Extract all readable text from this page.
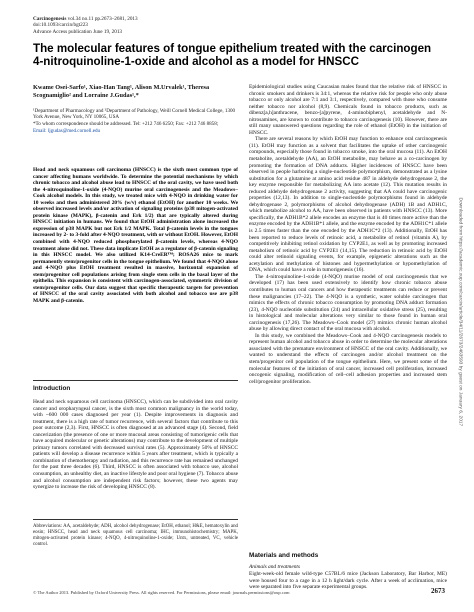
Carcinogenesis vol.34 no.11 pp.2673–2681, 2013
doi:10.1093/carcin/bgt223
Advance Access publication June 19, 2013
The molecular features of tongue epithelium treated with the carcinogen 4-nitroquinoline-1-oxide and alcohol as a model for HNSCC
Kwame Osei-Sarfo¹, Xiao-Han Tang¹, Alison M.Urvalek¹, Theresa Scognamiglio² and Lorraine J.Gudas¹,*
¹Department of Pharmacology and ²Department of Pathology, Weill Cornell Medical College, 1300 York Avenue, New York, NY 10065, USA
*To whom correspondence should be addressed. Tel: +212 746 6250; Fax: +212 746 8858;
Email: ljgudas@med.cornell.edu
Head and neck squamous cell carcinoma (HNSCC) is the sixth most common type of cancer affecting humans worldwide. To determine the potential mechanisms by which chronic tobacco and alcohol abuse lead to HNSCC of the oral cavity, we have used both the 4-nitroquinoline-1-oxide (4-NQO) murine oral carcinogenesis and the Meadows–Cook alcohol models. In this study, we treated mice with 4-NQO in drinking water for 10 weeks and then administered 20% (w/v) ethanol (EtOH) for another 10 weeks. We observed increased levels and/or activation of signaling proteins (p38 mitogen-activated protein kinase (MAPK), β-catenin and Erk 1/2) that are typically altered during HNSCC initiation in humans. We found that EtOH administration alone increased the expression of p38 MAPK but not Erk 1/2 MAPK. Total β-catenin levels in the tongues increased by 2- to 3-fold after 4-NQO treatment, with or without EtOH. However, EtOH combined with 4-NQO reduced phosphorylated β-catenin levels, whereas 4-NQO treatment alone did not. These data implicate EtOH as a regulator of β-catenin signaling in this HNSCC model. We also utilized K14-CreERᵀᴹ; ROSA26 mice to mark permanently stem/progenitor cells in the tongue epithelium. We found that 4-NQO alone and 4-NQO plus EtOH treatment resulted in massive, horizontal expansion of stem/progenitor cell populations arising from single stem cells in the basal layer of the epithelia. This expansion is consistent with carcinogen-associated, symmetric division of stem/progenitor cells. Our data suggest that specific therapeutic targets for prevention of HNSCC of the oral cavity associated with both alcohol and tobacco use are p38 MAPK and β-catenin.
Introduction
Head and neck squamous cell carcinoma (HNSCC), which can be subdivided into oral cavity cancer and oropharyngeal cancer, is the sixth most common malignancy in the world today, with ~600 000 cases diagnosed per year (1). Despite improvements in diagnosis and treatment, there is a high rate of tumor recurrence, with several factors that contribute to this poor outcome (2,3). First, HNSCC is often diagnosed at an advanced stage (4). Second, field cancerization (the presence of one or more mucosal areas consisting of tumorigenic cells that have acquired molecular or genetic alterations) may contribute to the development of multiple primary tumors correlated with decreased survival rates (5). Approximately 50% of HNSCC patients will develop a disease recurrence within 5 years after treatment, which is typically a combination of chemotherapy and radiation, and this recurrence rate has remained unchanged for the past three decades (6). Third, HNSCC is often associated with tobacco use, alcohol consumption, an unhealthy diet, an inactive lifestyle and poor oral hygiene (7). Tobacco abuse and alcohol consumption are independent risk factors; however, these two agents may synergize to increase the risk of developing HNSCC (8).
Abbreviations: AA, acetaldehyde; ADH, alcohol dehydrogenase; EtOH, ethanol; H&E, hematoxylin and eosin; HNSCC, head and neck squamous cell carcinoma; IHC, immunohistochemistry; MAPK, mitogen-activated protein kinase; 4-NQO, 4-nitroquinoline-1-oxide; Untx, untreated, VC, vehicle control.

Epidemiological studies using Caucasian males found that the relative risk of HNSCC in chronic smokers and drinkers is 34:1, whereas the relative risk for people who only abuse tobacco or only alcohol are 7:1 and 3:1, respectively, compared with those who consume neither tobacco nor alcohol (8,9). Chemicals found in tobacco products, such as dibenz[a,h]anthracene, benzo-[a]pyrene, 4-aminobiphenyl, acetaldehyde and N-nitrosamines, are known to contribute to tobacco carcinogenesis (10). However, there are still many unanswered questions regarding the role of ethanol (EtOH) in the initiation of HNSCC.

There are several reasons by which EtOH may function to enhance oral carcinogenesis (11). EtOH may function as a solvent that facilitates the uptake of other carcinogenic compounds, especially those found in tobacco smoke, into the oral mucosa (11). An EtOH metabolite, acetaldehyde (AA), an EtOH metabolite, may behave as a co-carcinogen by promoting the formation of DNA adducts. Higher incidences of HNSCC have been observed in people harboring a single-nucleotide polymorphism, demonstrated as a lysine substitution for a glutamine at amino acid residue 487 in aldehyde dehydrogenase 2, the key enzyme responsible for metabolizing AA into acetate (12). This mutation results in reduced aldehyde dehydrogenase 2 activity, suggesting that AA could have carcinogenic properties (12,13). In addition to single-nucleotide polymorphisms found in aldehyde dehydrogenase 2, polymorphisms of alcohol dehydrogenase (ADH) 1B and ADH1C, which metabolize alcohol to AA, have been observed in patients with HNSCC (13). More specifically, the ADH1B*2 allele encodes an enzyme that is 40 times more active than the enzyme encoded by the ADH1B*1 allele, and the enzyme encoded by the ADH1C*1 allele is 2.5 times faster than the one encoded by the ADH1C*2 (13). Additionally, EtOH has been reported to reduce levels of retinoic acid, a metabolite of retinol (vitamin A), by competitively inhibiting retinol oxidation by CYP2E1, as well as by promoting increased metabolism of retinoic acid by CYP2E1 (14,15). The reduction in retinoic acid by EtOH could alter retinoid signaling events, for example, epigenetic alterations such as the acetylation and methylation of histones and hypermethylation or hypomethylation of DNA, which could have a role in tumorigenesis (16).

The 4-nitroquinoline-1-oxide (4-NQO) murine model of oral carcinogenesis that we developed (17) has been used extensively to identify how chronic tobacco abuse contributes to human oral cancers and how therapeutic treatments can reduce or prevent these malignancies (17–22). The 4-NQO is a synthetic, water soluble carcinogen that mimics the effects of chronic tobacco consumption by promoting DNA adduct formation (23), 4-NQO nucleotide substitution (24) and intracellular oxidative stress (25), resulting in histological and molecular alterations very similar to those found in human oral carcinogenesis (17,26). The Meadows–Cook model (27) mimics chronic human alcohol abuse by allowing direct contact of the oral mucosa with alcohol.

In this study, we combined the Meadows–Cook and 4-NQO carcinogenesis models to represent human alcohol and tobacco abuse in order to determine the molecular alterations associated with the premature environment of HNSCC of the oral cavity. Additionally, we wanted to understand the effects of carcinogen and/or alcohol treatment on the stem/progenitor cell population of the tongue epithelium. Here, we present some of the molecular features of the initiation of oral cancer, increased cell proliferation, increased oncogenic signaling, modification of cell–cell adhesion properties and increased stem cell/progenitor proliferation.

Materials and methods
Animals and treatments
Eight-week-old female wild-type C57BL/6 mice (Jackson Laboratory, Bar Harbor, ME) were housed four to a cage in a 12 h light/dark cycle. After a week of acclimation, mice were separated into five separate experimental groups.
© The Author 2013. Published by Oxford University Press. All rights reserved. For Permissions, please email: journals.permissions@oup.com	2673
Downloaded from https://academic.oup.com/carcin/article/34/11/2673/2463593 by guest on January 6, 2017
